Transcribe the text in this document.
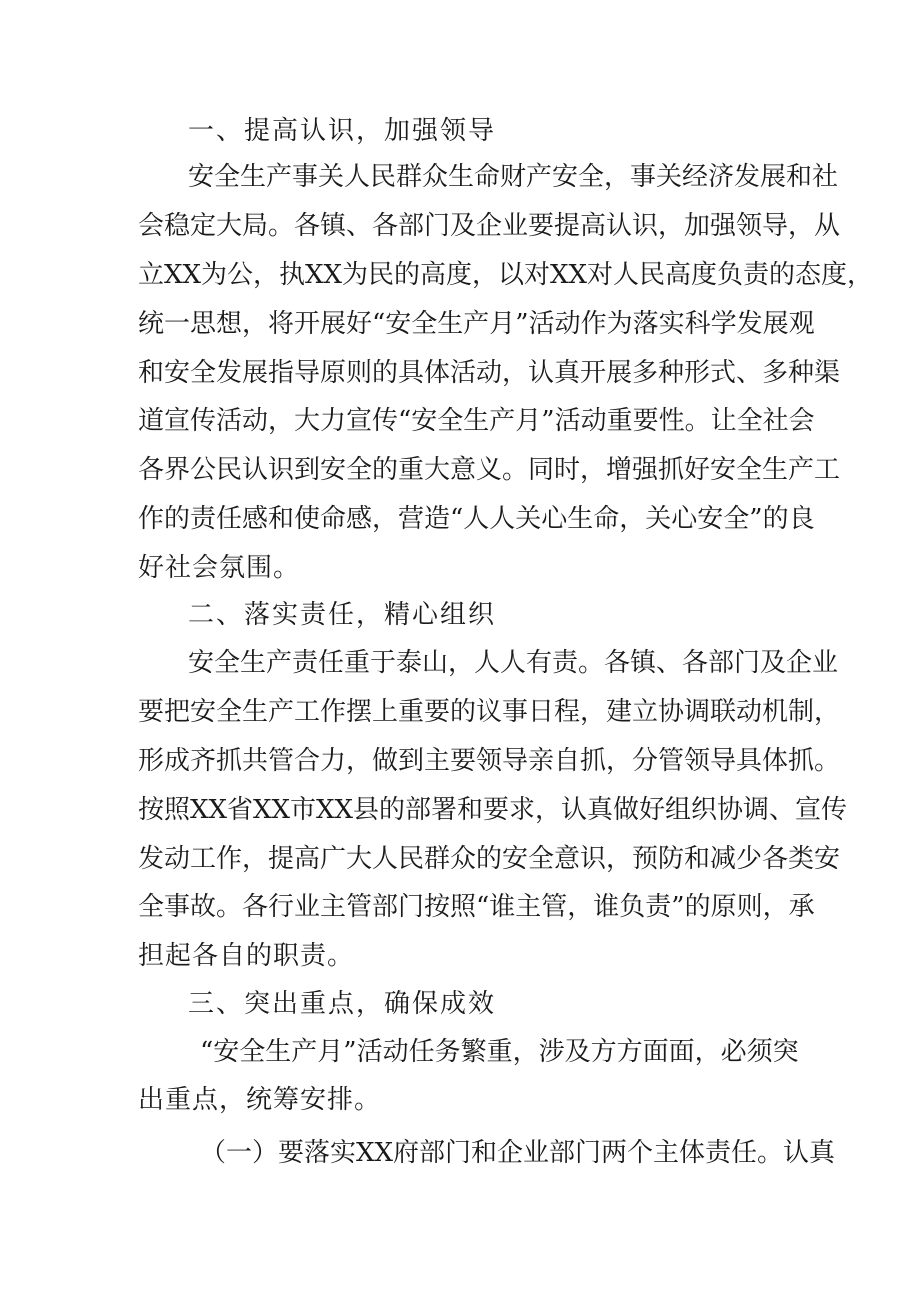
一、提高认识，加强领导
安全生产事关人民群众生命财产安全，事关经济发展和社
会稳定大局。各镇、各部门及企业要提高认识，加强领导，从
立XX为公，执XX为民的高度，以对XX对人民高度负责的态度，
统一思想，将开展好“安全生产月”活动作为落实科学发展观
和安全发展指导原则的具体活动，认真开展多种形式、多种渠
道宣传活动，大力宣传“安全生产月”活动重要性。让全社会
各界公民认识到安全的重大意义。同时，增强抓好安全生产工
作的责任感和使命感，营造“人人关心生命，关心安全”的良
好社会氛围。
二、落实责任，精心组织
安全生产责任重于泰山，人人有责。各镇、各部门及企业
要把安全生产工作摆上重要的议事日程，建立协调联动机制，
形成齐抓共管合力，做到主要领导亲自抓，分管领导具体抓。
按照XX省XX市XX县的部署和要求，认真做好组织协调、宣传
发动工作，提高广大人民群众的安全意识，预防和减少各类安
全事故。各行业主管部门按照“谁主管，谁负责”的原则，承
担起各自的职责。
三、突出重点，确保成效
“安全生产月”活动任务繁重，涉及方方面面，必须突
出重点，统筹安排。
（一）要落实XX府部门和企业部门两个主体责任。认真
